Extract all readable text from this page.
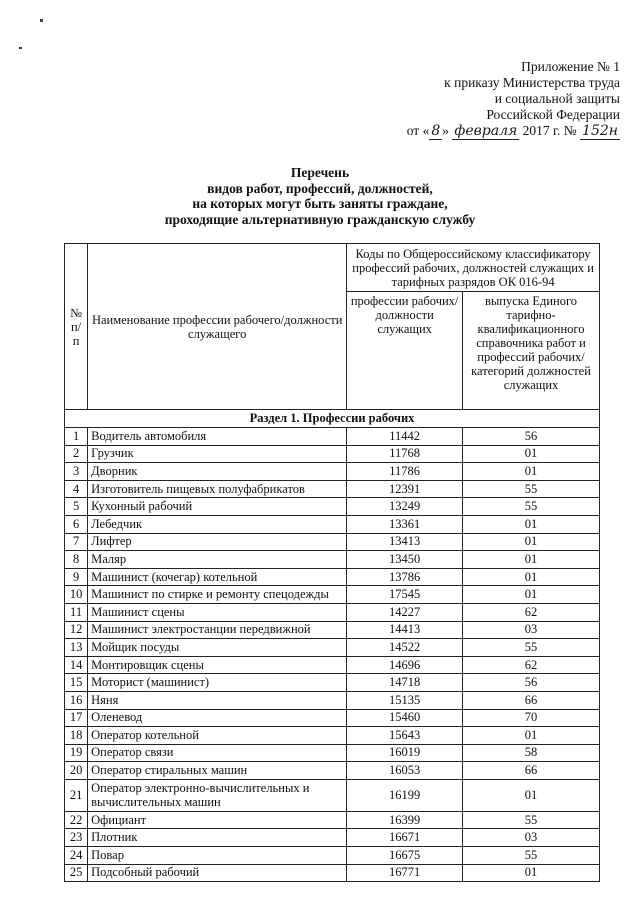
Приложение № 1
к приказу Министерства труда
и социальной защиты
Российской Федерации
от « 8 » февраля 2017 г. № 152н
Перечень
видов работ, профессий, должностей,
на которых могут быть заняты граждане,
проходящие альтернативную гражданскую службу
№ п/п	Наименование профессии рабочего/должности служащего	Коды по Общероссийскому классификатору профессий рабочих, должностей служащих и тарифных разрядов ОК 016-94	
		профессии рабочих/должности служащих	выпуска Единого тарифно-квалификационного справочника работ и профессий рабочих/категорий должностей служащих
Раздел 1. Профессии рабочих			
1	Водитель автомобиля	11442	56
2	Грузчик	11768	01
3	Дворник	11786	01
4	Изготовитель пищевых полуфабрикатов	12391	55
5	Кухонный рабочий	13249	55
6	Лебедчик	13361	01
7	Лифтер	13413	01
8	Маляр	13450	01
9	Машинист (кочегар) котельной	13786	01
10	Машинист по стирке и ремонту спецодежды	17545	01
11	Машинист сцены	14227	62
12	Машинист электростанции передвижной	14413	03
13	Мойщик посуды	14522	55
14	Монтировщик сцены	14696	62
15	Моторист (машинист)	14718	56
16	Няня	15135	66
17	Оленевод	15460	70
18	Оператор котельной	15643	01
19	Оператор связи	16019	58
20	Оператор стиральных машин	16053	66
21	Оператор электронно-вычислительных и вычислительных машин	16199	01
22	Официант	16399	55
23	Плотник	16671	03
24	Повар	16675	55
25	Подсобный рабочий	16771	01
